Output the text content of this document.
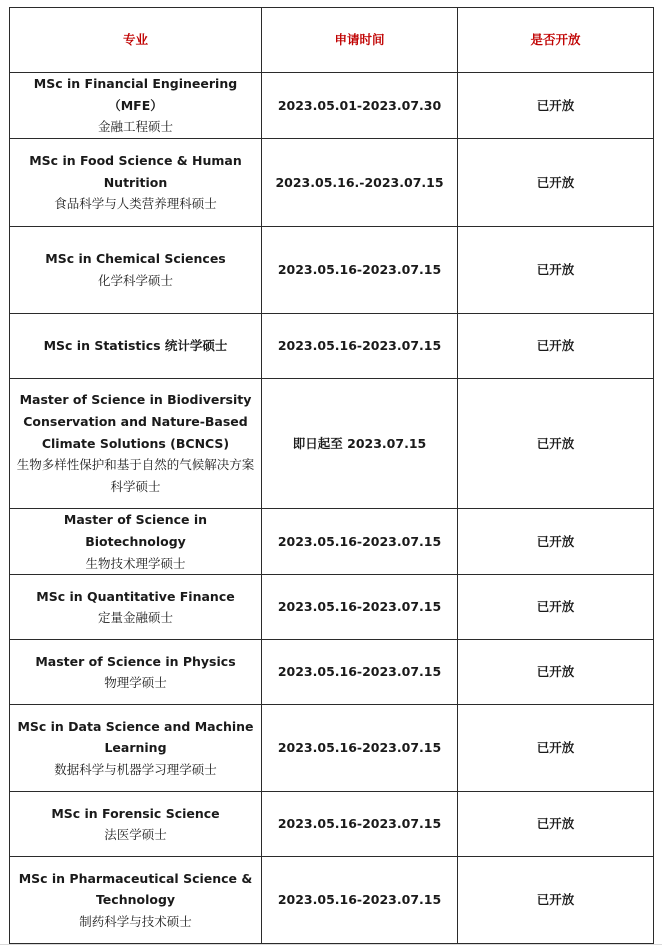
专业	申请时间	是否开放

MSc in Financial Engineering（MFE）
金融工程硕士	2023.05.01-2023.07.30	已开放

MSc in Food Science & Human Nutrition
食品科学与人类营养理科硕士	2023.05.16.-2023.07.15	已开放

MSc in Chemical Sciences
化学科学硕士	2023.05.16-2023.07.15	已开放

MSc in Statistics 统计学硕士	2023.05.16-2023.07.15	已开放

Master of Science in Biodiversity Conservation and Nature-Based Climate Solutions (BCNCS)
生物多样性保护和基于自然的气候解决方案科学硕士	即日起至 2023.07.15	已开放

Master of Science in Biotechnology
生物技术理学硕士	2023.05.16-2023.07.15	已开放

MSc in Quantitative Finance
定量金融硕士	2023.05.16-2023.07.15	已开放

Master of Science in Physics
物理学硕士	2023.05.16-2023.07.15	已开放

MSc in Data Science and Machine Learning
数据科学与机器学习理学硕士	2023.05.16-2023.07.15	已开放

MSc in Forensic Science
法医学硕士	2023.05.16-2023.07.15	已开放

MSc in Pharmaceutical Science & Technology
制药科学与技术硕士	2023.05.16-2023.07.15	已开放
